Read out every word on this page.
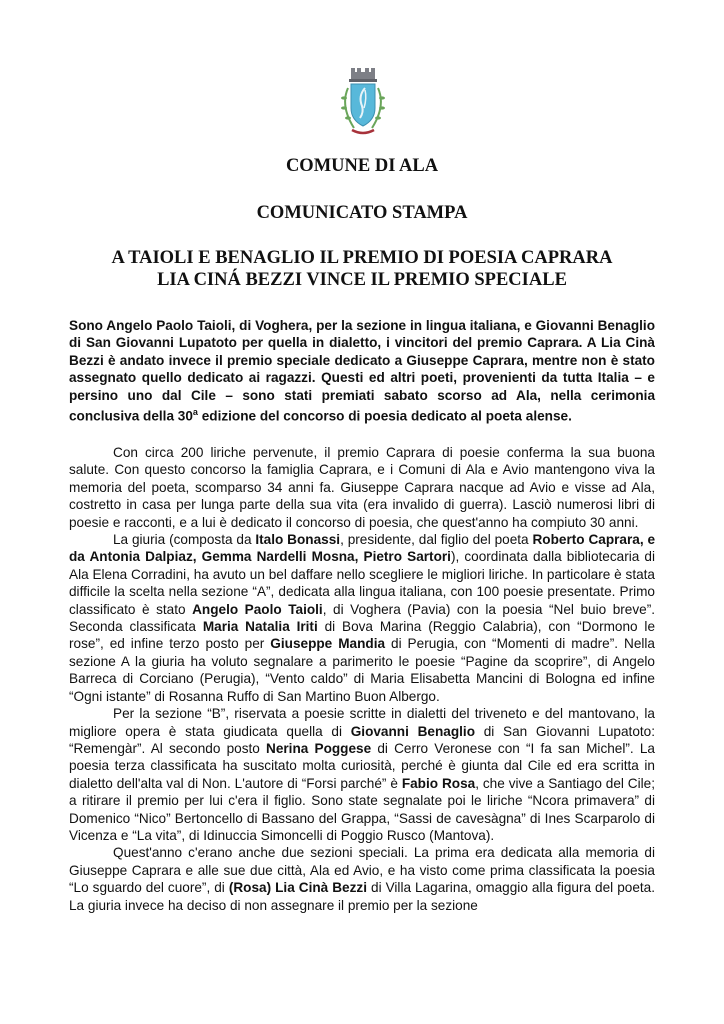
COMUNE DI ALA
COMUNICATO STAMPA
A TAIOLI E BENAGLIO IL PREMIO DI POESIA CAPRARA
LIA CINÁ BEZZI VINCE IL PREMIO SPECIALE

Sono Angelo Paolo Taioli, di Voghera, per la sezione in lingua italiana, e Giovanni Benaglio di San Giovanni Lupatoto per quella in dialetto, i vincitori del premio Caprara. A Lia Cinà Bezzi è andato invece il premio speciale dedicato a Giuseppe Caprara, mentre non è stato assegnato quello dedicato ai ragazzi. Questi ed altri poeti, provenienti da tutta Italia – e persino uno dal Cile – sono stati premiati sabato scorso ad Ala, nella cerimonia conclusiva della 30$^a$ edizione del concorso di poesia dedicato al poeta alense.

Con circa 200 liriche pervenute, il premio Caprara di poesie conferma la sua buona salute. Con questo concorso la famiglia Caprara, e i Comuni di Ala e Avio mantengono viva la memoria del poeta, scomparso 34 anni fa. Giuseppe Caprara nacque ad Avio e visse ad Ala, costretto in casa per lunga parte della sua vita (era invalido di guerra). Lasciò numerosi libri di poesie e racconti, e a lui è dedicato il concorso di poesia, che quest'anno ha compiuto 30 anni.

La giuria (composta da Italo Bonassi, presidente, dal figlio del poeta Roberto Caprara, e da Antonia Dalpiaz, Gemma Nardelli Mosna, Pietro Sartori), coordinata dalla bibliotecaria di Ala Elena Corradini, ha avuto un bel daffare nello scegliere le migliori liriche. In particolare è stata difficile la scelta nella sezione “A”, dedicata alla lingua italiana, con 100 poesie presentate. Primo classificato è stato Angelo Paolo Taioli, di Voghera (Pavia) con la poesia “Nel buio breve”. Seconda classificata Maria Natalia Iriti di Bova Marina (Reggio Calabria), con “Dormono le rose”, ed infine terzo posto per Giuseppe Mandia di Perugia, con “Momenti di madre”. Nella sezione A la giuria ha voluto segnalare a parimerito le poesie “Pagine da scoprire”, di Angelo Barreca di Corciano (Perugia), “Vento caldo” di Maria Elisabetta Mancini di Bologna ed infine “Ogni istante” di Rosanna Ruffo di San Martino Buon Albergo.

Per la sezione “B”, riservata a poesie scritte in dialetti del triveneto e del mantovano, la migliore opera è stata giudicata quella di Giovanni Benaglio di San Giovanni Lupatoto: “Remengàr”. Al secondo posto Nerina Poggese di Cerro Veronese con “I fa san Michel”. La poesia terza classificata ha suscitato molta curiosità, perché è giunta dal Cile ed era scritta in dialetto dell'alta val di Non. L'autore di “Forsi parché” è Fabio Rosa, che vive a Santiago del Cile; a ritirare il premio per lui c'era il figlio. Sono state segnalate poi le liriche “Ncora primavera” di Domenico “Nico” Bertoncello di Bassano del Grappa, “Sassi de cavesàgna” di Ines Scarparolo di Vicenza e “La vita”, di Idinuccia Simoncelli di Poggio Rusco (Mantova).

Quest'anno c'erano anche due sezioni speciali. La prima era dedicata alla memoria di Giuseppe Caprara e alle sue due città, Ala ed Avio, e ha visto come prima classificata la poesia “Lo sguardo del cuore”, di (Rosa) Lia Cinà Bezzi di Villa Lagarina, omaggio alla figura del poeta. La giuria invece ha deciso di non assegnare il premio per la sezione
